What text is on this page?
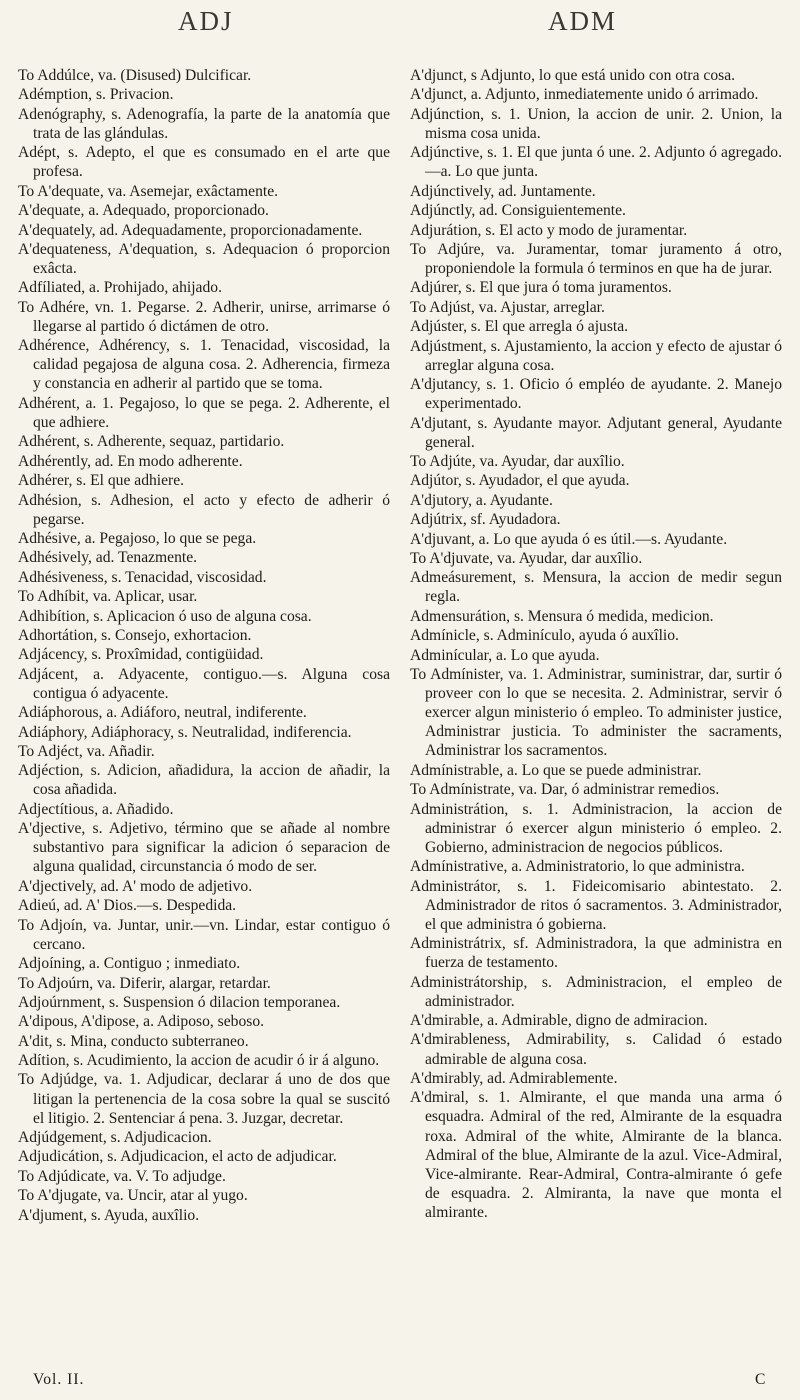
ADJ	ADM

To Addúlce, va. (Disused) Dulcificar.

Adémption, s. Privacion.

Adenógraphy, s. Adenografía, la parte de la anatomía que trata de las glándulas.

Adépt, s. Adepto, el que es consumado en el arte que profesa.

To A'dequate, va. Asemejar, exâctamente.

A'dequate, a. Adequado, proporcionado.

A'dequately, ad. Adequadamente, proporcionadamente.

A'dequateness, A'dequation, s. Adequacion ó proporcion exâcta.

Adfíliated, a. Prohijado, ahijado.

To Adhére, vn. 1. Pegarse. 2. Adherir, unirse, arrimarse ó llegarse al partido ó dictámen de otro.

Adhérence, Adhérency, s. 1. Tenacidad, viscosidad, la calidad pegajosa de alguna cosa. 2. Adherencia, firmeza y constancia en adherir al partido que se toma.

Adhérent, a. 1. Pegajoso, lo que se pega. 2. Adherente, el que adhiere.

Adhérent, s. Adherente, sequaz, partidario.

Adhérently, ad. En modo adherente.

Adhérer, s. El que adhiere.

Adhésion, s. Adhesion, el acto y efecto de adherir ó pegarse.

Adhésive, a. Pegajoso, lo que se pega.

Adhésively, ad. Tenazmente.

Adhésiveness, s. Tenacidad, viscosidad.

To Adhíbit, va. Aplicar, usar.

Adhibítion, s. Aplicacion ó uso de alguna cosa.

Adhortátion, s. Consejo, exhortacion.

Adjácency, s. Proxîmidad, contigüidad.

Adjácent, a. Adyacente, contiguo.—s. Alguna cosa contigua ó adyacente.

Adiáphorous, a. Adiáforo, neutral, indiferente.

Adiáphory, Adiáphoracy, s. Neutralidad, indiferencia.

To Adjéct, va. Añadir.

Adjéction, s. Adicion, añadidura, la accion de añadir, la cosa añadida.

Adjectítious, a. Añadido.

A'djective, s. Adjetivo, término que se añade al nombre substantivo para significar la adicion ó separacion de alguna qualidad, circunstancia ó modo de ser.

A'djectively, ad. A' modo de adjetivo.

Adieú, ad. A' Dios.—s. Despedida.

To Adjoín, va. Juntar, unir.—vn. Lindar, estar contiguo ó cercano.

Adjoíning, a. Contiguo ; inmediato.

To Adjoúrn, va. Diferir, alargar, retardar.

Adjoúrnment, s. Suspension ó dilacion temporanea.

A'dipous, A'dipose, a. Adiposo, seboso.

A'dit, s. Mina, conducto subterraneo.

Adítion, s. Acudimiento, la accion de acudir ó ir á alguno.

To Adjúdge, va. 1. Adjudicar, declarar á uno de dos que litigan la pertenencia de la cosa sobre la qual se suscitó el litigio. 2. Sentenciar á pena. 3. Juzgar, decretar.

Adjúdgement, s. Adjudicacion.

Adjudicátion, s. Adjudicacion, el acto de adjudicar.

To Adjúdicate, va. V. To adjudge.

To A'djugate, va. Uncir, atar al yugo.

A'djument, s. Ayuda, auxîlio.

A'djunct, s Adjunto, lo que está unido con otra cosa.

A'djunct, a. Adjunto, inmediatemente unido ó arrimado.

Adjúnction, s. 1. Union, la accion de unir. 2. Union, la misma cosa unida.

Adjúnctive, s. 1. El que junta ó une. 2. Adjunto ó agregado.—a. Lo que junta.

Adjúnctively, ad. Juntamente.

Adjúnctly, ad. Consiguientemente.

Adjurátion, s. El acto y modo de juramentar.

To Adjúre, va. Juramentar, tomar juramento á otro, proponiendole la formula ó terminos en que ha de jurar.

Adjúrer, s. El que jura ó toma juramentos.

To Adjúst, va. Ajustar, arreglar.

Adjúster, s. El que arregla ó ajusta.

Adjústment, s. Ajustamiento, la accion y efecto de ajustar ó arreglar alguna cosa.

A'djutancy, s. 1. Oficio ó empléo de ayudante. 2. Manejo experimentado.

A'djutant, s. Ayudante mayor. Adjutant general, Ayudante general.

To Adjúte, va. Ayudar, dar auxîlio.

Adjútor, s. Ayudador, el que ayuda.

A'djutory, a. Ayudante.

Adjútrix, sf. Ayudadora.

A'djuvant, a. Lo que ayuda ó es útil.—s. Ayudante.

To A'djuvate, va. Ayudar, dar auxîlio.

Admeásurement, s. Mensura, la accion de medir segun regla.

Admensurátion, s. Mensura ó medida, medicion.

Admínicle, s. Adminículo, ayuda ó auxîlio.

Adminícular, a. Lo que ayuda.

To Admínister, va. 1. Administrar, suministrar, dar, surtir ó proveer con lo que se necesita. 2. Administrar, servir ó exercer algun ministerio ó empleo. To administer justice, Administrar justicia. To administer the sacraments, Administrar los sacramentos.

Admínistrable, a. Lo que se puede administrar.

To Admínistrate, va. Dar, ó administrar remedios.

Administrátion, s. 1. Administracion, la accion de administrar ó exercer algun ministerio ó empleo. 2. Gobierno, administracion de negocios públicos.

Admínistrative, a. Administratorio, lo que administra.

Administrátor, s. 1. Fideicomisario abintestato. 2. Administrador de ritos ó sacramentos. 3. Administrador, el que administra ó gobierna.

Administrátrix, sf. Administradora, la que administra en fuerza de testamento.

Administrátorship, s. Administracion, el empleo de administrador.

A'dmirable, a. Admirable, digno de admiracion.

A'dmirableness, Admirability, s. Calidad ó estado admirable de alguna cosa.

A'dmirably, ad. Admirablemente.

A'dmiral, s. 1. Almirante, el que manda una arma ó esquadra. Admiral of the red, Almirante de la esquadra roxa. Admiral of the white, Almirante de la blanca. Admiral of the blue, Almirante de la azul. Vice-Admiral, Vice-almirante. Rear-Admiral, Contra-almirante ó gefe de esquadra. 2. Almiranta, la nave que monta el almirante.

Vol. II.	C
